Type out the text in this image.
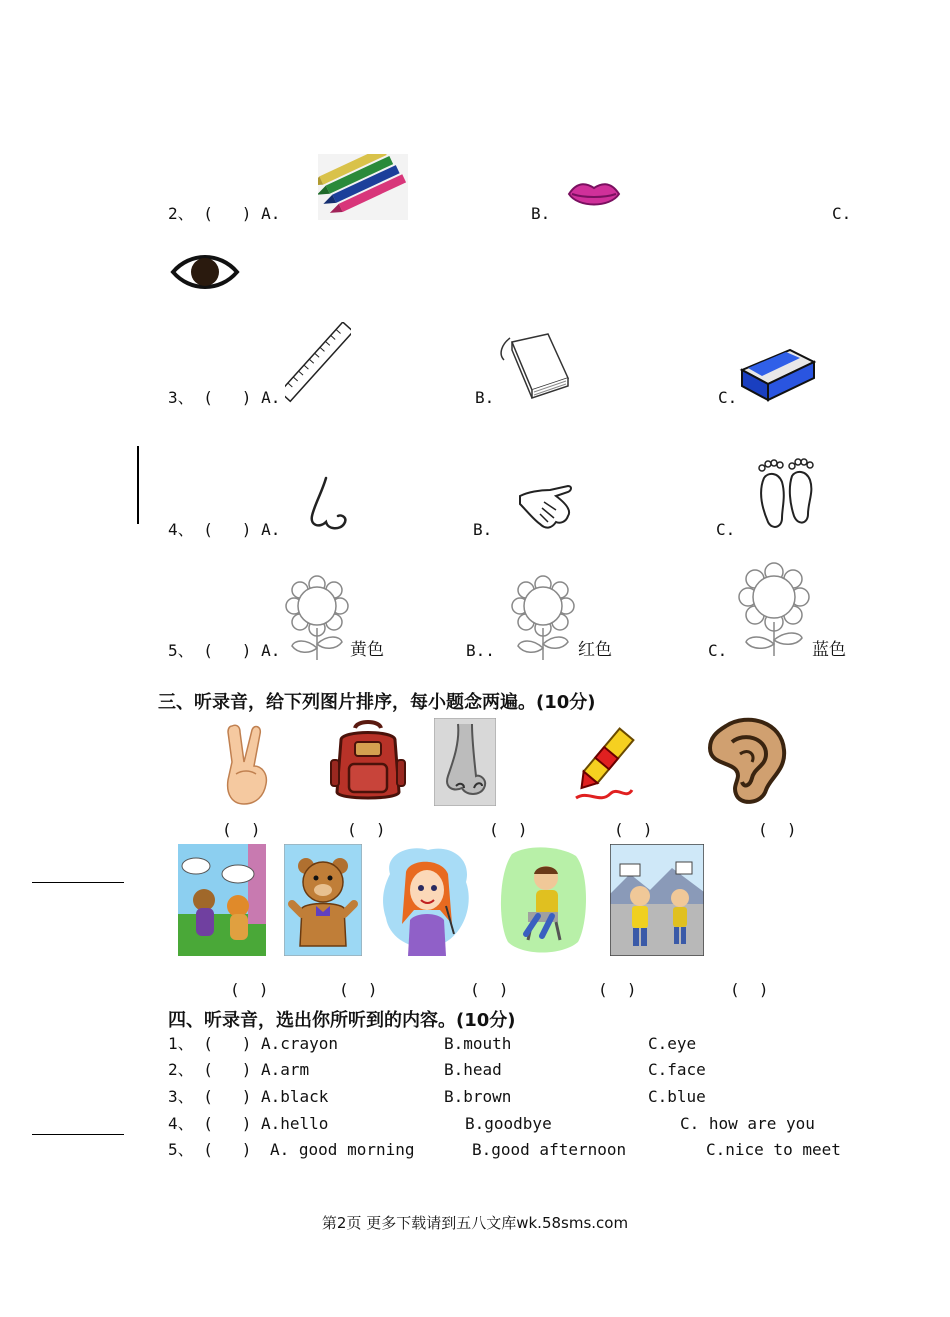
2、 (   ) A.	B.	C.
3、 (   ) A.	B.	C.
4、 (   ) A.	B.	C.
5、 (   ) A.	黄色	B..	红色	C.	蓝色
三、听录音，给下列图片排序，每小题念两遍。(10分)
(  )	(  )	(  )	(  )	(  )
(  )	(  )	(  )	(  )	(  )
四、听录音，选出你所听到的内容。(10分)
1、 (   ) A.crayon	B.mouth	C.eye
2、 (   ) A.arm	B.head	C.face
3、 (   ) A.black	B.brown	C.blue
4、 (   ) A.hello	B.goodbye	C. how are you
5、 (   ) A. good morning	B.good afternoon	C.nice to meet
第2页 更多下载请到五八文库wk.58sms.com
